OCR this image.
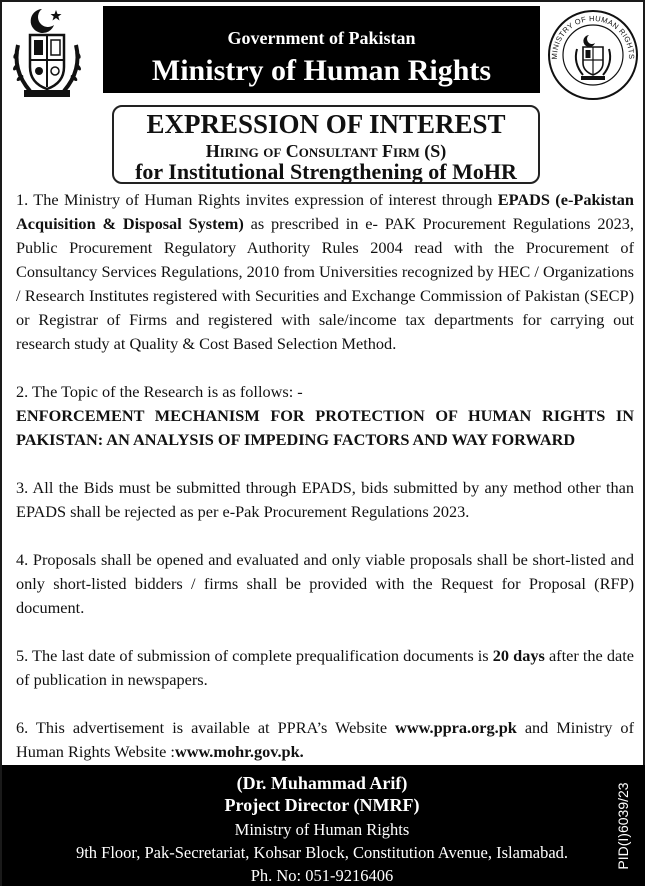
Government of Pakistan
Ministry of Human Rights	MINISTRY OF HUMAN RIGHTS
EXPRESSION OF INTEREST
Hiring of Consultant Firm (S)
for Institutional Strengthening of MoHR

1. The Ministry of Human Rights invites expression of interest through EPADS (e-Pakistan Acquisition & Disposal System) as prescribed in e- PAK Procurement Regulations 2023, Public Procurement Regulatory Authority Rules 2004 read with the Procurement of Consultancy Services Regulations, 2010 from Universities recognized by HEC / Organizations / Research Institutes registered with Securities and Exchange Commission of Pakistan (SECP) or Registrar of Firms and registered with sale/income tax departments for carrying out research study at Quality & Cost Based Selection Method.

2. The Topic of the Research is as follows: -
ENFORCEMENT MECHANISM FOR PROTECTION OF HUMAN RIGHTS IN PAKISTAN: AN ANALYSIS OF IMPEDING FACTORS AND WAY FORWARD

3. All the Bids must be submitted through EPADS, bids submitted by any method other than EPADS shall be rejected as per e-Pak Procurement Regulations 2023.

4. Proposals shall be opened and evaluated and only viable proposals shall be short-listed and only short-listed bidders / firms shall be provided with the Request for Proposal (RFP) document.

5. The last date of submission of complete prequalification documents is 20 days after the date of publication in newspapers.

6. This advertisement is available at PPRA’s Website www.ppra.org.pk and Ministry of Human Rights Website :www.mohr.gov.pk.

(Dr. Muhammad Arif)
Project Director (NMRF)
Ministry of Human Rights
9th Floor, Pak-Secretariat, Kohsar Block, Constitution Avenue, Islamabad.
Ph. No: 051-9216406
PID(I)6039/23
